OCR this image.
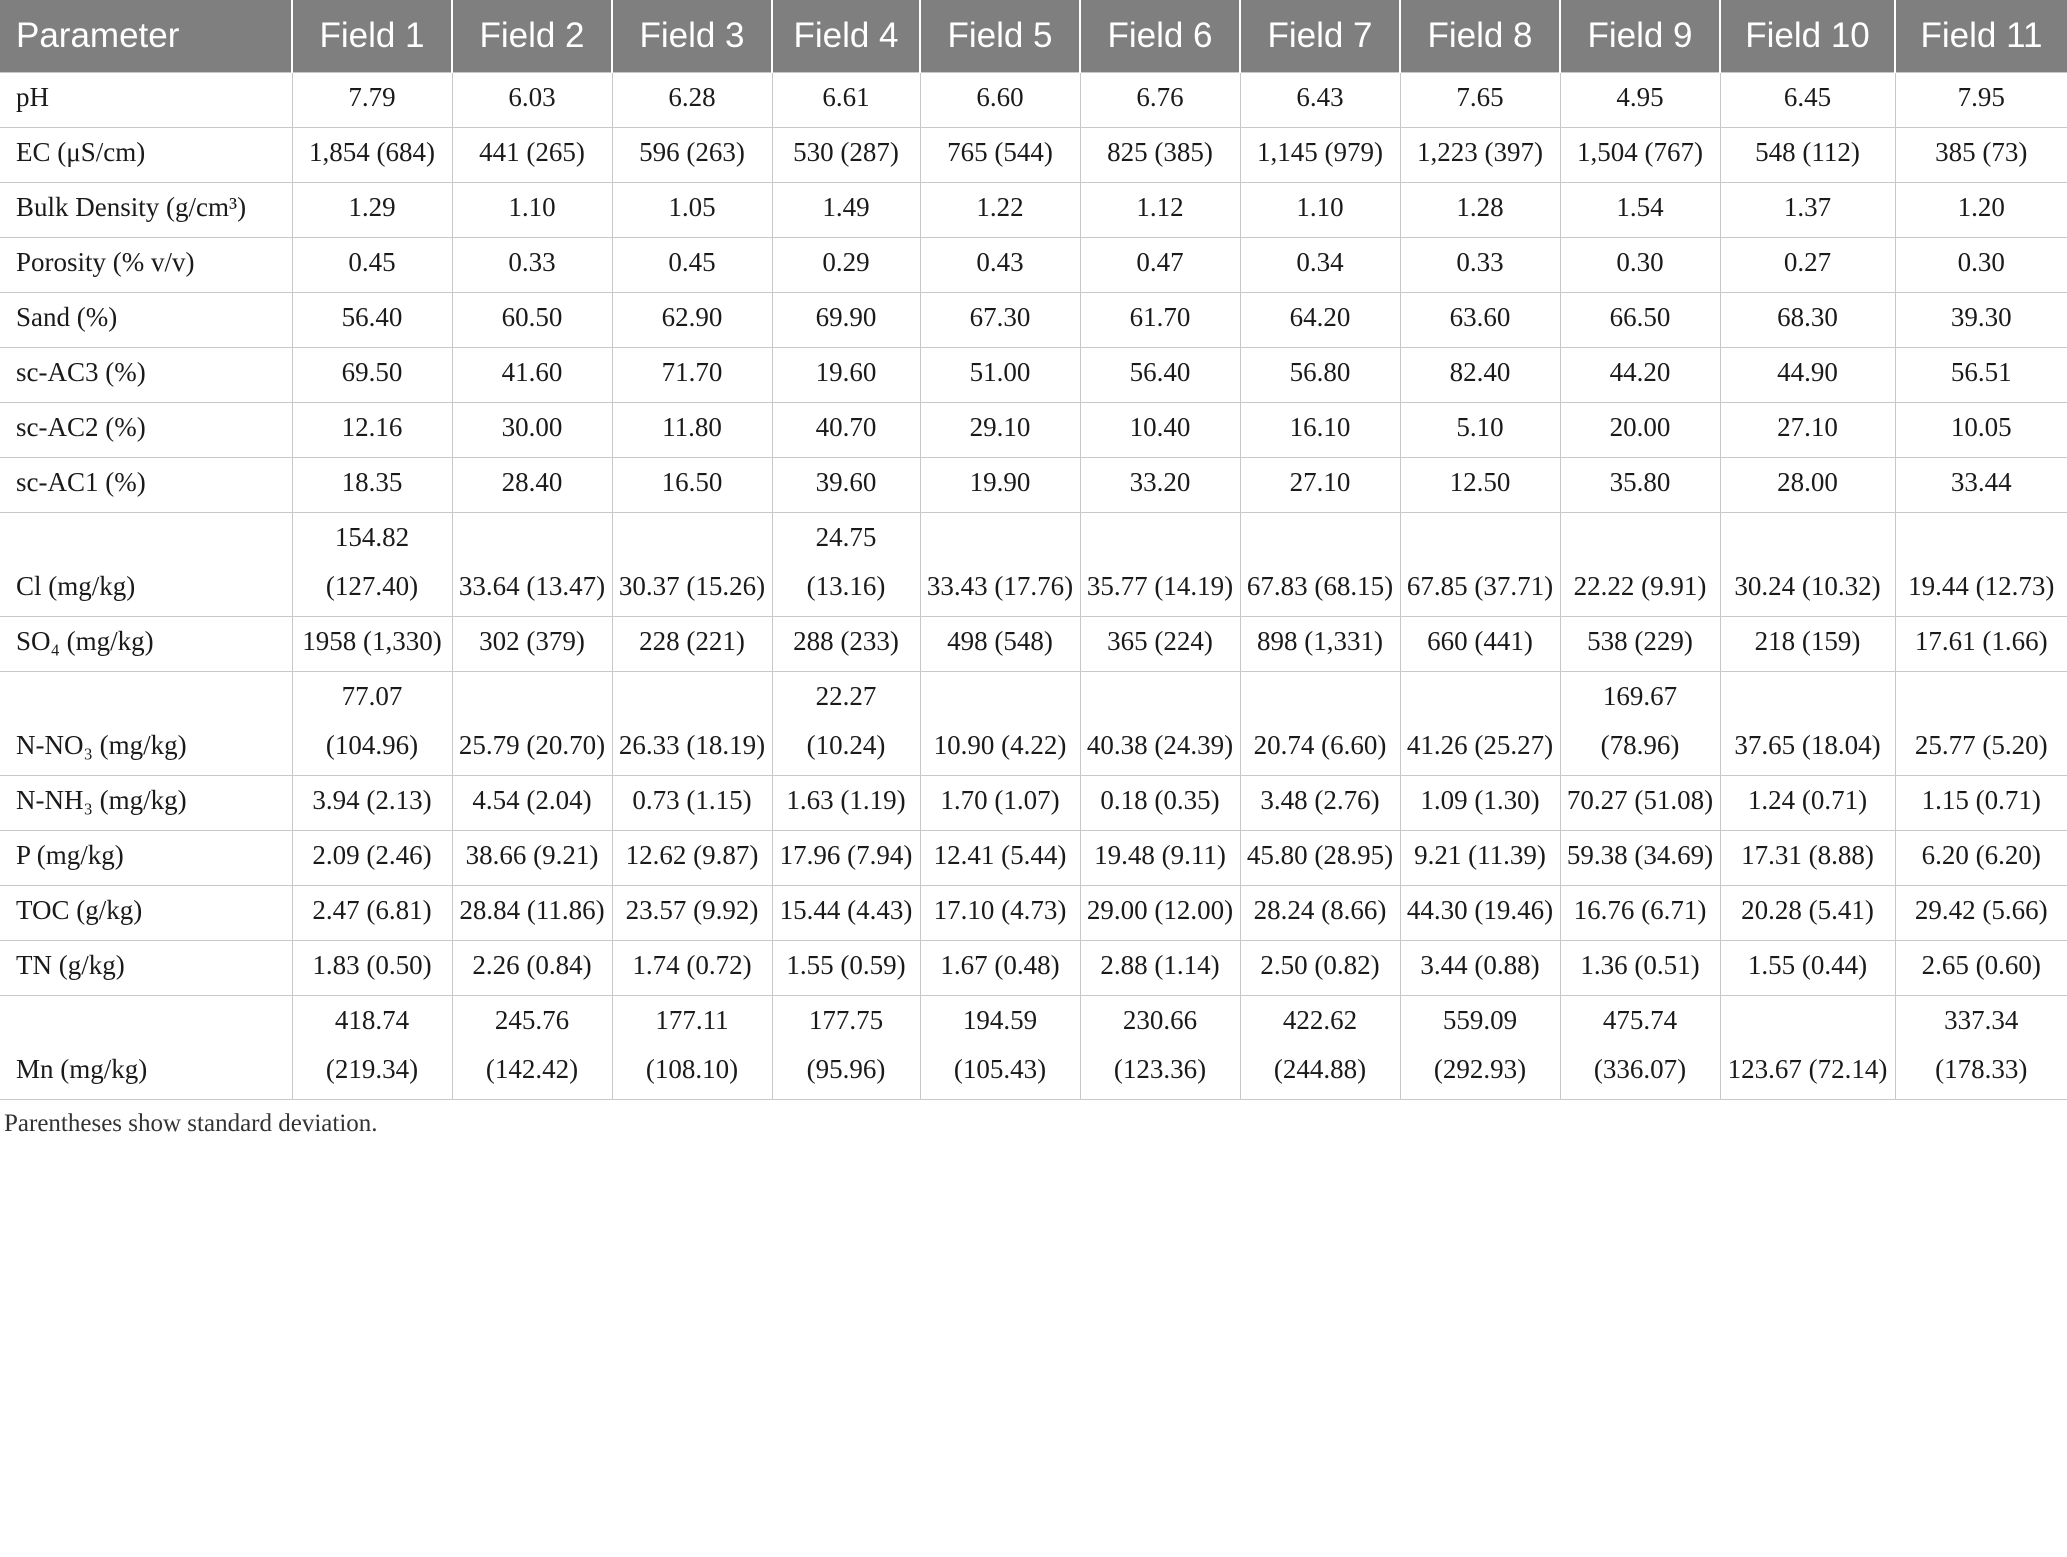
Parameter	Field 1	Field 2	Field 3	Field 4	Field 5	Field 6	Field 7	Field 8	Field 9	Field 10	Field 11
pH	7.79	6.03	6.28	6.61	6.60	6.76	6.43	7.65	4.95	6.45	7.95
EC (μS/cm)	1,854 (684)	441 (265)	596 (263)	530 (287)	765 (544)	825 (385)	1,145 (979)	1,223 (397)	1,504 (767)	548 (112)	385 (73)
Bulk Density (g/cm³)	1.29	1.10	1.05	1.49	1.22	1.12	1.10	1.28	1.54	1.37	1.20
Porosity (% v/v)	0.45	0.33	0.45	0.29	0.43	0.47	0.34	0.33	0.30	0.27	0.30
Sand (%)	56.40	60.50	62.90	69.90	67.30	61.70	64.20	63.60	66.50	68.30	39.30
sc-AC3 (%)	69.50	41.60	71.70	19.60	51.00	56.40	56.80	82.40	44.20	44.90	56.51
sc-AC2 (%)	12.16	30.00	11.80	40.70	29.10	10.40	16.10	5.10	20.00	27.10	10.05
sc-AC1 (%)	18.35	28.40	16.50	39.60	19.90	33.20	27.10	12.50	35.80	28.00	33.44
Cl (mg/kg)	154.82 (127.40)	33.64 (13.47)	30.37 (15.26)	24.75 (13.16)	33.43 (17.76)	35.77 (14.19)	67.83 (68.15)	67.85 (37.71)	22.22 (9.91)	30.24 (10.32)	19.44 (12.73)
SO₄ (mg/kg)	1958 (1,330)	302 (379)	228 (221)	288 (233)	498 (548)	365 (224)	898 (1,331)	660 (441)	538 (229)	218 (159)	17.61 (1.66)
N-NO₃ (mg/kg)	77.07 (104.96)	25.79 (20.70)	26.33 (18.19)	22.27 (10.24)	10.90 (4.22)	40.38 (24.39)	20.74 (6.60)	41.26 (25.27)	169.67 (78.96)	37.65 (18.04)	25.77 (5.20)
N-NH₃ (mg/kg)	3.94 (2.13)	4.54 (2.04)	0.73 (1.15)	1.63 (1.19)	1.70 (1.07)	0.18 (0.35)	3.48 (2.76)	1.09 (1.30)	70.27 (51.08)	1.24 (0.71)	1.15 (0.71)
P (mg/kg)	2.09 (2.46)	38.66 (9.21)	12.62 (9.87)	17.96 (7.94)	12.41 (5.44)	19.48 (9.11)	45.80 (28.95)	9.21 (11.39)	59.38 (34.69)	17.31 (8.88)	6.20 (6.20)
TOC (g/kg)	2.47 (6.81)	28.84 (11.86)	23.57 (9.92)	15.44 (4.43)	17.10 (4.73)	29.00 (12.00)	28.24 (8.66)	44.30 (19.46)	16.76 (6.71)	20.28 (5.41)	29.42 (5.66)
TN (g/kg)	1.83 (0.50)	2.26 (0.84)	1.74 (0.72)	1.55 (0.59)	1.67 (0.48)	2.88 (1.14)	2.50 (0.82)	3.44 (0.88)	1.36 (0.51)	1.55 (0.44)	2.65 (0.60)
Mn (mg/kg)	418.74 (219.34)	245.76 (142.42)	177.11 (108.10)	177.75 (95.96)	194.59 (105.43)	230.66 (123.36)	422.62 (244.88)	559.09 (292.93)	475.74 (336.07)	123.67 (72.14)	337.34 (178.33)
Parentheses show standard deviation.
